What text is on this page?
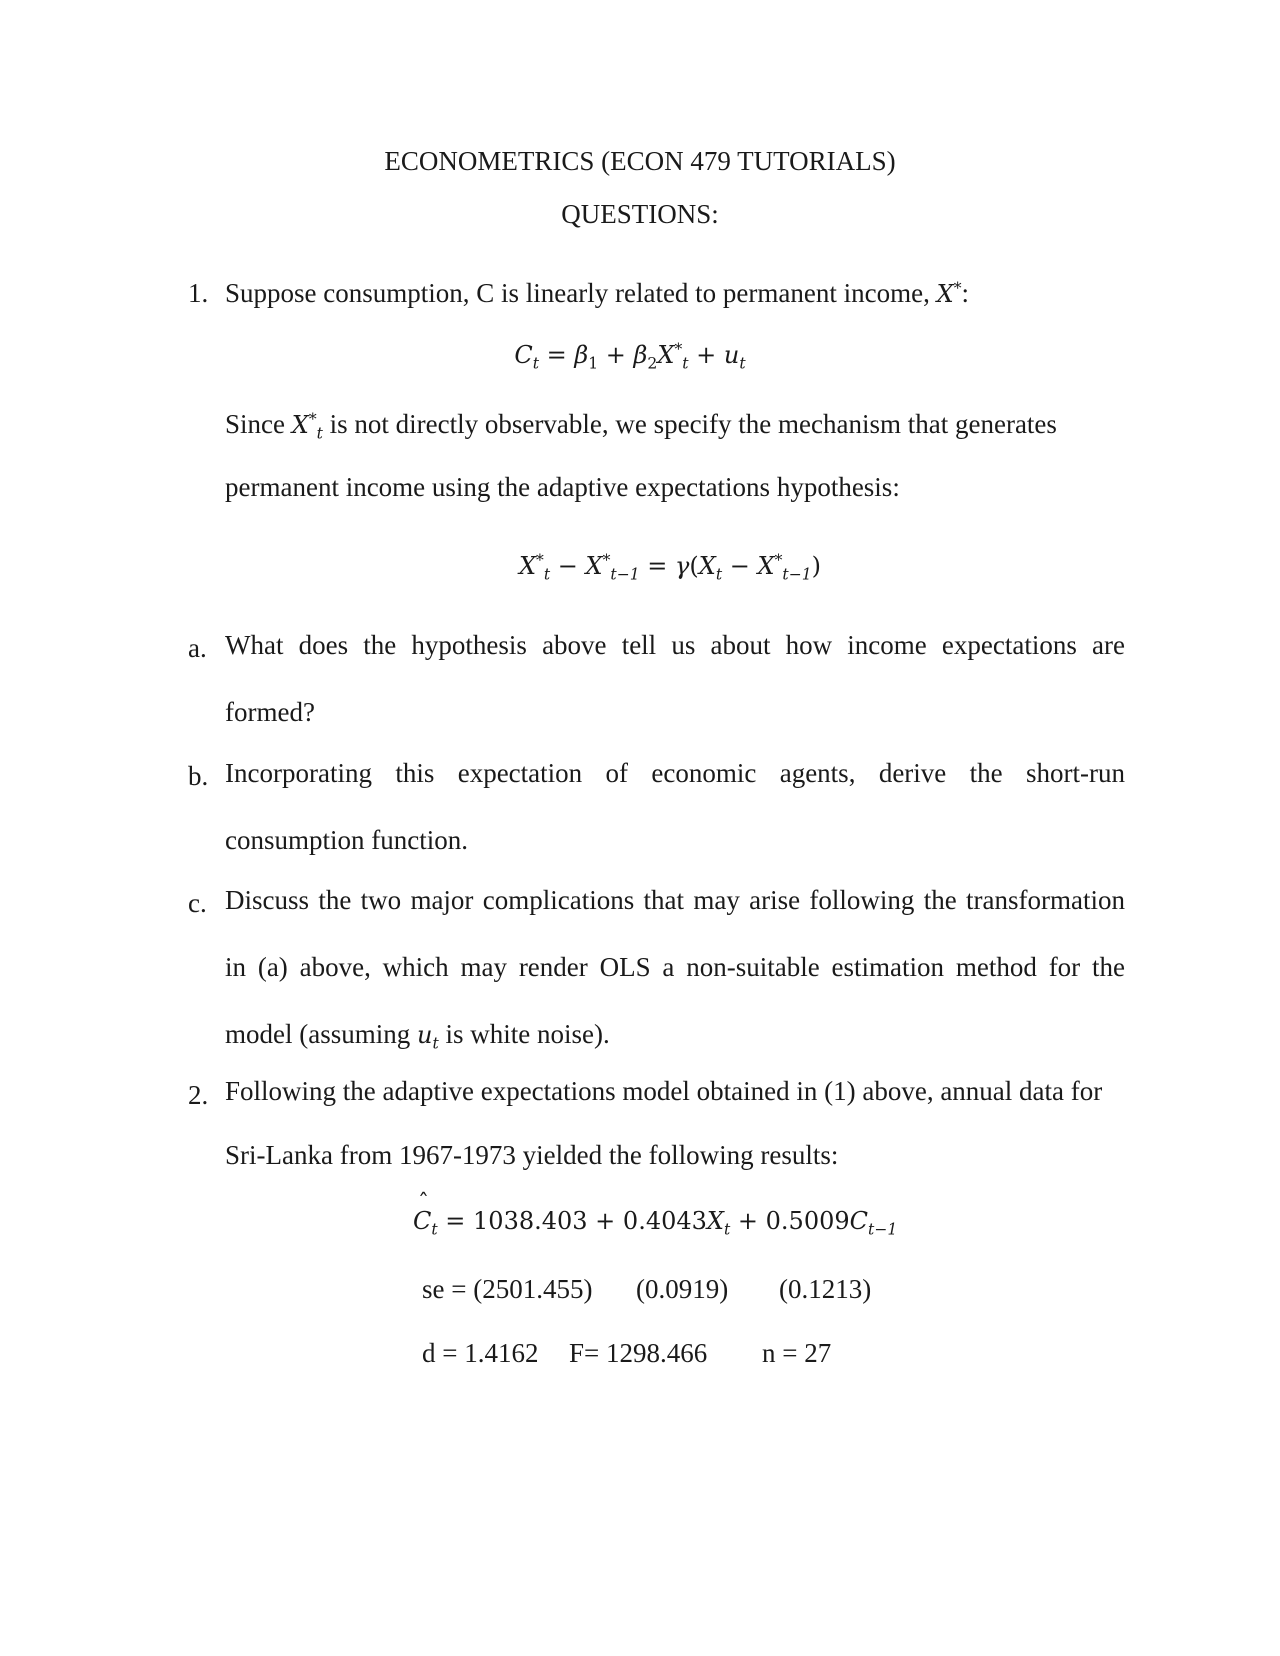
ECONOMETRICS (ECON 479 TUTORIALS)
QUESTIONS:
1. Suppose consumption, C is linearly related to permanent income, X*:
$C_t = \beta_1 + \beta_2X^*_t + u_t$
Since $X^*_t$ is not directly observable, we specify the mechanism that generates
permanent income using the adaptive expectations hypothesis:
$X^*_t - X^*_{t-1} = \gamma(X_t - X^*_{t-1})$
a. What does the hypothesis above tell us about how income expectations are formed?
b. Incorporating this expectation of economic agents, derive the short-run consumption function.
c. Discuss the two major complications that may arise following the transformation in (a) above, which may render OLS a non-suitable estimation method for the model (assuming $u_t$ is white noise).
2. Following the adaptive expectations model obtained in (1) above, annual data for Sri-Lanka from 1967-1973 yielded the following results:
ˆ $C_t = 1038.403 + 0.4043X_t + 0.5009C_{t-1}$
se = (2501.455) (0.0919) (0.1213)
d = 1.4162 F= 1298.466 n = 27
